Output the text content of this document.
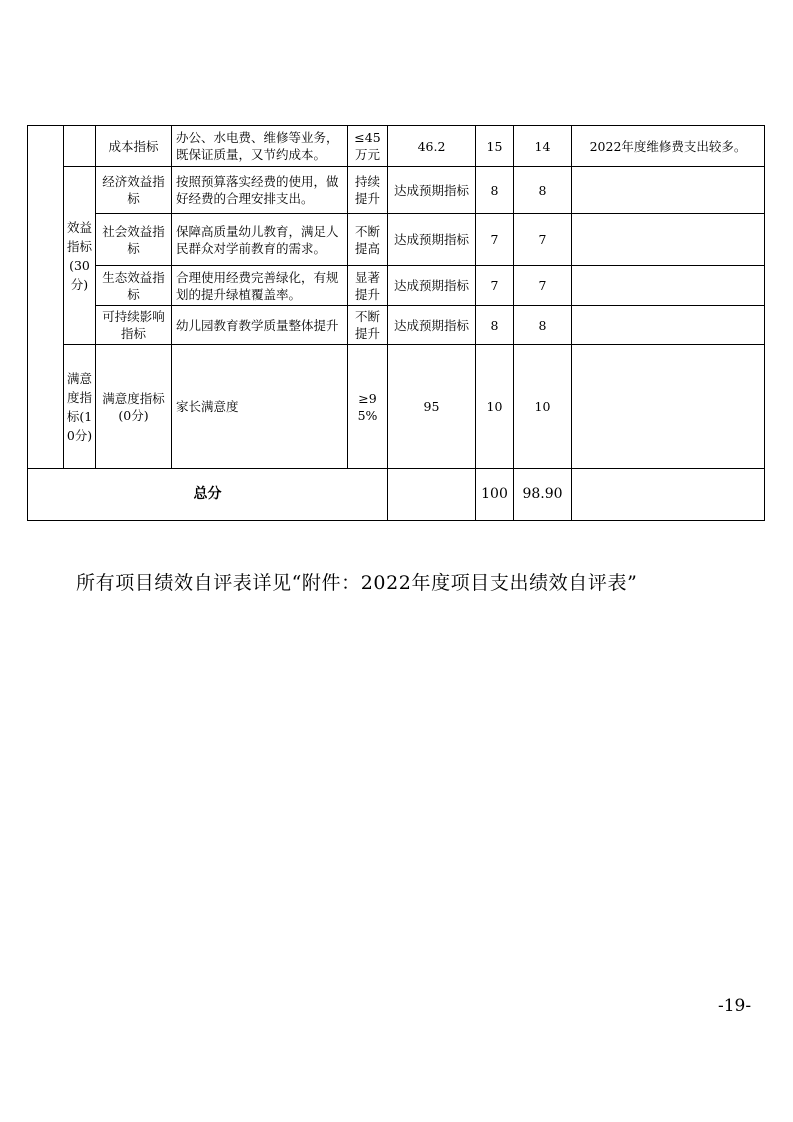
		成本指标	办公、水电费、维修等业务，既保证质量，又节约成本。	≤45万元	46.2	15	14	2022年度维修费支出较多。
	效益指标(30分)	经济效益指标	按照预算落实经费的使用，做好经费的合理安排支出。	持续提升	达成预期指标	8	8	
		社会效益指标	保障高质量幼儿教育，满足人民群众对学前教育的需求。	不断提高	达成预期指标	7	7	
		生态效益指标	合理使用经费完善绿化，有规划的提升绿植覆盖率。	显著提升	达成预期指标	7	7	
		可持续影响指标	幼儿园教育教学质量整体提升	不断提升	达成预期指标	8	8	
	满意度指标(10分)	满意度指标(0分)	家长满意度	≥95%	95	10	10	
总分						100	98.90	
所有项目绩效自评表详见“附件：2022年度项目支出绩效自评表”
-19-
